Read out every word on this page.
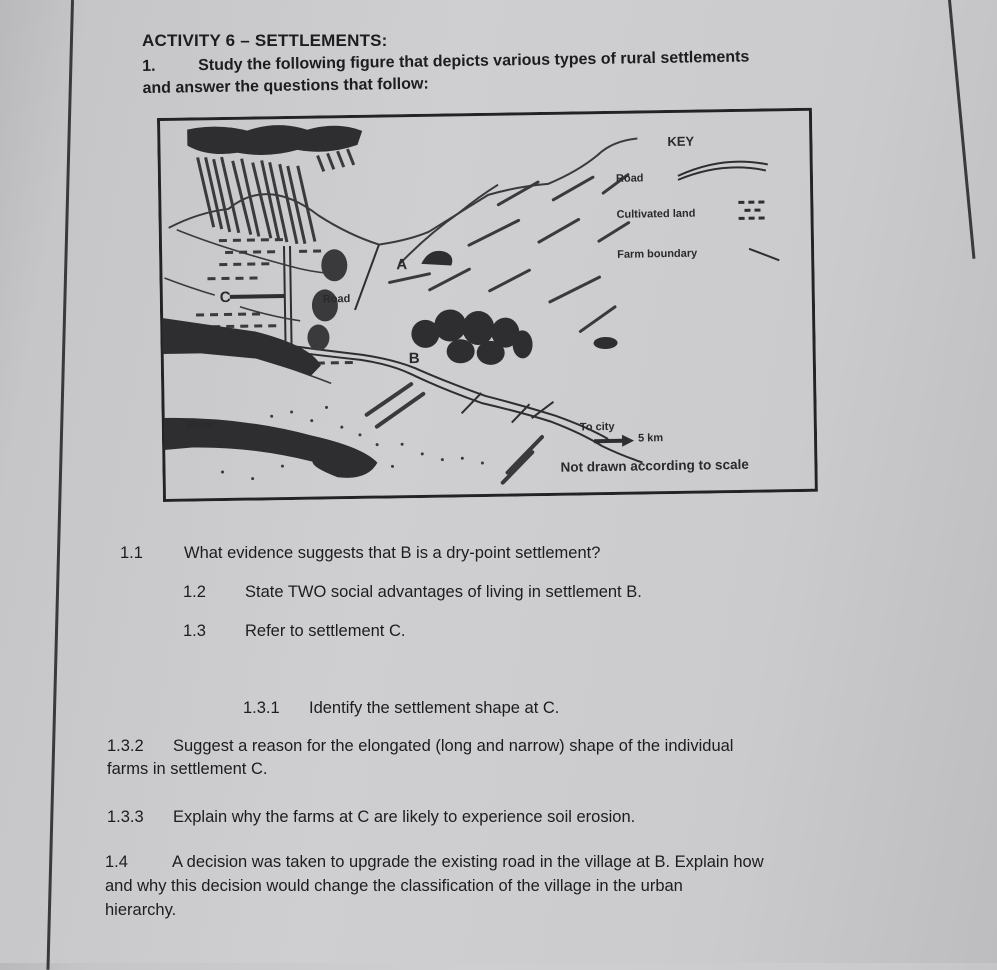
ACTIVITY 6 – SETTLEMENTS:
1.	Study the following figure that depicts various types of rural settlements
and answer the questions that follow:
A
B
C	Road
River	To city
5 km
Not drawn according to scale
KEY
Road
Cultivated land
Farm boundary
1.1 What evidence suggests that B is a dry-point settlement?
1.2 State TWO social advantages of living in settlement B.
1.3 Refer to settlement C.
1.3.1 Identify the settlement shape at C.
1.3.2 Suggest a reason for the elongated (long and narrow) shape of the individual
farms in settlement C.
1.3.3 Explain why the farms at C are likely to experience soil erosion.
1.4	A decision was taken to upgrade the existing road in the village at B. Explain how
and why this decision would change the classification of the village in the urban
hierarchy.
